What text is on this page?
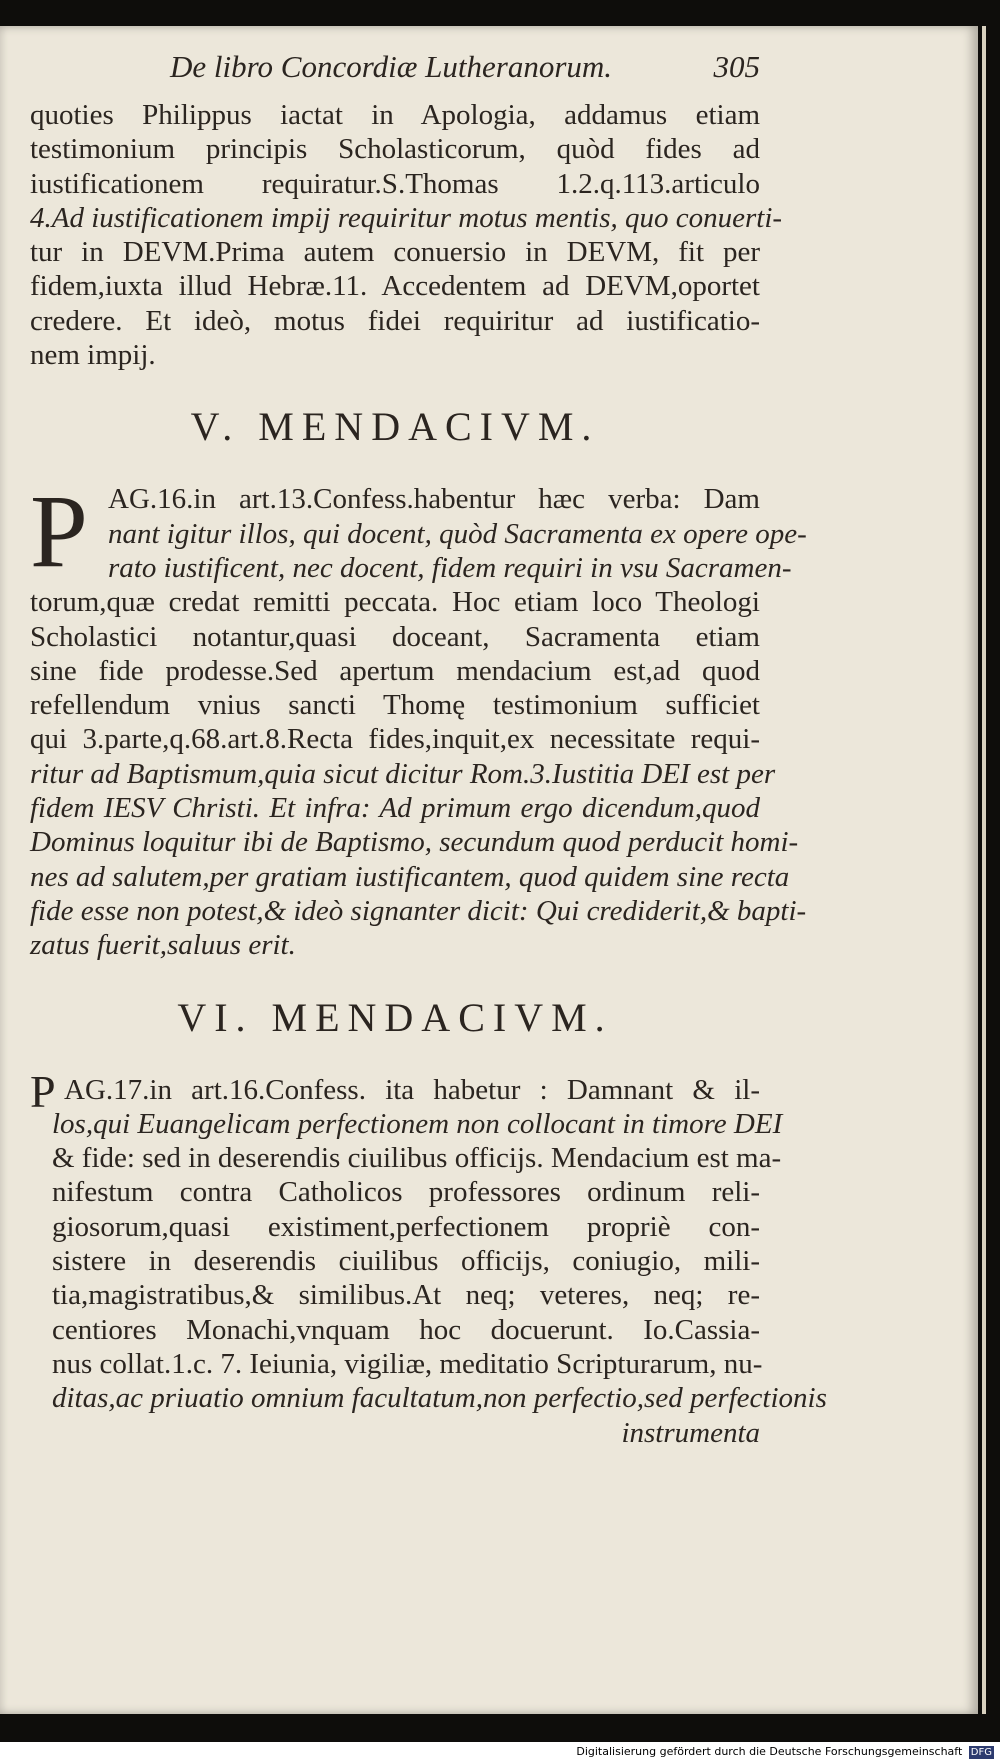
De libro Concordiæ Lutheranorum.	305
quoties Philippus iactat in Apologia, addamus etiam
testimonium principis Scholasticorum, quòd fides ad
iustificationem requiratur.S.Thomas 1.2.q.113.articulo
4.Ad iustificationem impij requiritur motus mentis, quo conuerti-
tur in DEVM.Prima autem conuersio in DEVM, fit per
fidem,iuxta illud Hebræ.11. Accedentem ad DEVM,oportet
credere. Et ideò, motus fidei requiritur ad iustificatio-
nem impij.
V. MENDACIVM.
P AG.16.in art.13.Confess.habentur hæc verba: Dam
nant igitur illos, qui docent, quòd Sacramenta ex opere ope-
rato iustificent, nec docent, fidem requiri in vsu Sacramen-
torum,quæ credat remitti peccata. Hoc etiam loco Theologi
Scholastici notantur,quasi doceant, Sacramenta etiam
sine fide prodesse.Sed apertum mendacium est,ad quod
refellendum vnius sancti Thomę testimonium sufficiet
qui 3.parte,q.68.art.8.Recta fides,inquit,ex necessitate requi-
ritur ad Baptismum,quia sicut dicitur Rom.3.Iustitia DEI est per
fidem IESV Christi. Et infra: Ad primum ergo dicendum,quod
Dominus loquitur ibi de Baptismo, secundum quod perducit homi-
nes ad salutem,per gratiam iustificantem, quod quidem sine recta
fide esse non potest,& ideò signanter dicit: Qui crediderit,& bapti-
zatus fuerit,saluus erit.
VI. MENDACIVM.
P AG.17.in art.16.Confess. ita habetur : Damnant & il-
los,qui Euangelicam perfectionem non collocant in timore DEI
& fide: sed in deserendis ciuilibus officijs. Mendacium est ma-
nifestum contra Catholicos professores ordinum reli-
giosorum,quasi existiment,perfectionem propriè con-
sistere in deserendis ciuilibus officijs, coniugio, mili-
tia,magistratibus,& similibus.At neq; veteres, neq; re-
centiores Monachi,vnquam hoc docuerunt. Io.Cassia-
nus collat.1.c. 7. Ieiunia, vigiliæ, meditatio Scripturarum, nu-
ditas,ac priuatio omnium facultatum,non perfectio,sed perfectionis
instrumenta
Digitalisierung gefördert durch die Deutsche Forschungsgemeinschaft DFG
